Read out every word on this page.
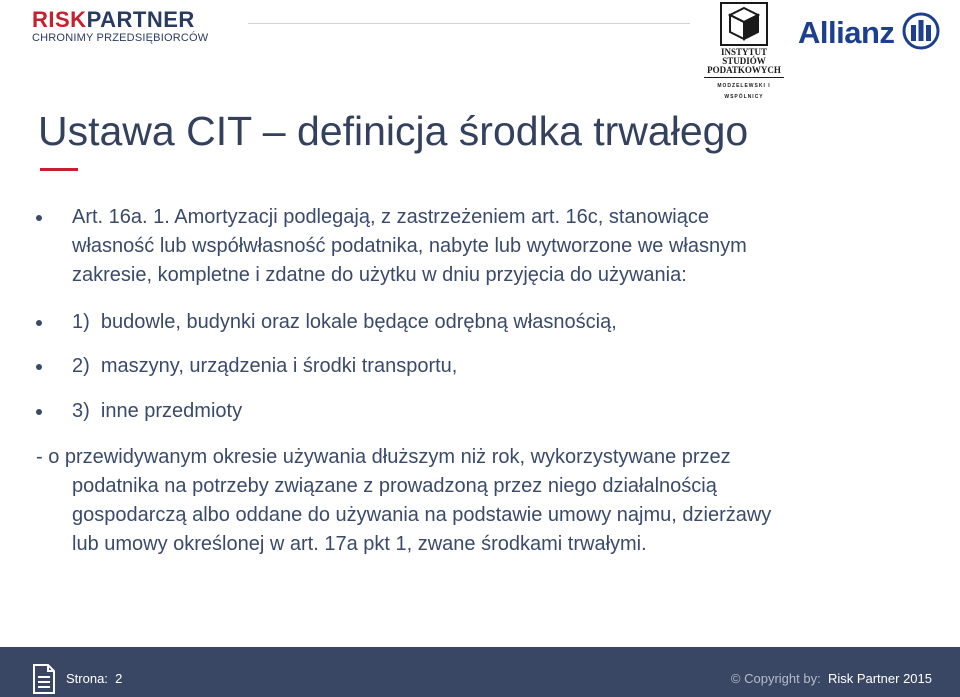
RISKPARTNER
CHRONIMY PRZEDSIĘBIORCÓW
INSTYTUT
STUDIÓW
PODATKOWYCH
MODZELEWSKI I WSPÓLNICY
Allianz
Ustawa CIT – definicja środka trwałego
Art. 16a. 1. Amortyzacji podlegają, z zastrzeżeniem art. 16c, stanowiące
własność lub współwłasność podatnika, nabyte lub wytworzone we własnym
zakresie, kompletne i zdatne do użytku w dniu przyjęcia do używania:
1)  budowle, budynki oraz lokale będące odrębną własnością,
2)  maszyny, urządzenia i środki transportu,
3)  inne przedmioty
- o przewidywanym okresie używania dłuższym niż rok, wykorzystywane przez
podatnika na potrzeby związane z prowadzoną przez niego działalnością
gospodarczą albo oddane do używania na podstawie umowy najmu, dzierżawy
lub umowy określonej w art. 17a pkt 1, zwane środkami trwałymi.
Strona: 2	© Copyright by: Risk Partner 2015
